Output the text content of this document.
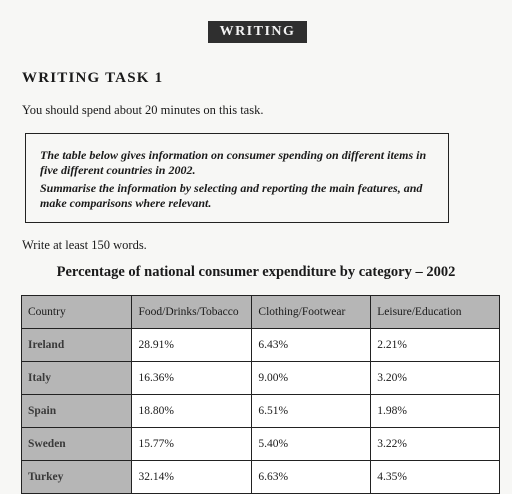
WRITING
WRITING TASK 1
You should spend about 20 minutes on this task.

The table below gives information on consumer spending on different items in five different countries in 2002.

Summarise the information by selecting and reporting the main features, and make comparisons where relevant.

Write at least 150 words.
Percentage of national consumer expenditure by category – 2002
Country	Food/Drinks/Tobacco	Clothing/Footwear	Leisure/Education
Ireland	28.91%	6.43%	2.21%
Italy	16.36%	9.00%	3.20%
Spain	18.80%	6.51%	1.98%
Sweden	15.77%	5.40%	3.22%
Turkey	32.14%	6.63%	4.35%
